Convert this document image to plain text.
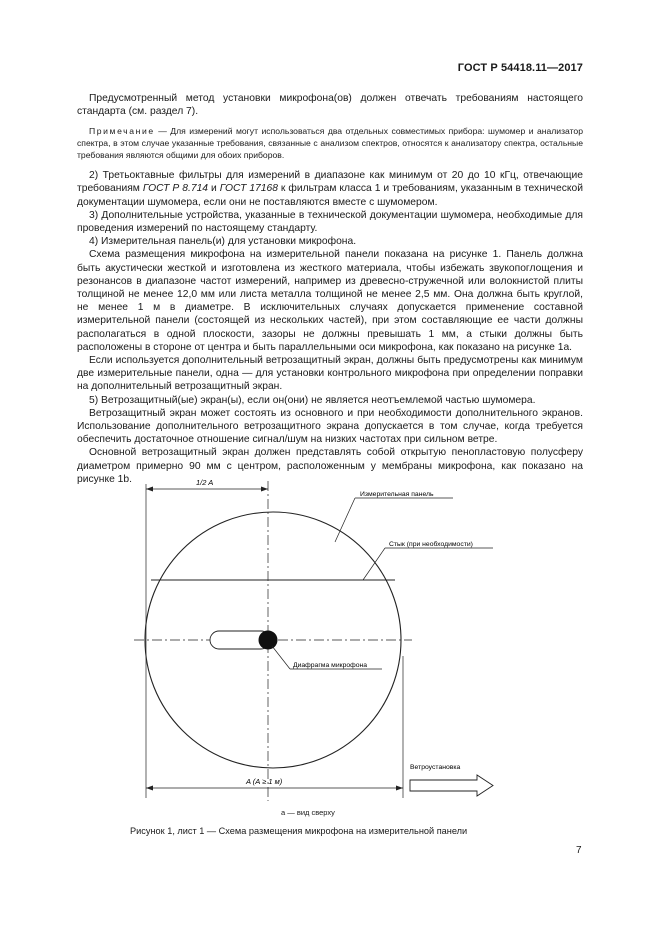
ГОСТ Р 54418.11—2017

Предусмотренный метод установки микрофона(ов) должен отвечать требованиям настоящего стандарта (см. раздел 7).

Примечание — Для измерений могут использоваться два отдельных совместимых прибора: шумомер и анализатор спектра, в этом случае указанные требования, связанные с анализом спектров, относятся к анализатору спектра, остальные требования являются общими для обоих приборов.

2) Третьоктавные фильтры для измерений в диапазоне как минимум от 20 до 10 кГц, отвечающие требованиям ГОСТ Р 8.714 и ГОСТ 17168 к фильтрам класса 1 и требованиям, указанным в технической документации шумомера, если они не поставляются вместе с шумомером.

3) Дополнительные устройства, указанные в технической документации шумомера, необходимые для проведения измерений по настоящему стандарту.

4) Измерительная панель(и) для установки микрофона.

Схема размещения микрофона на измерительной панели показана на рисунке 1. Панель должна быть акустически жесткой и изготовлена из жесткого материала, чтобы избежать звукопоглощения и резонансов в диапазоне частот измерений, например из древесно-стружечной или волокнистой плиты толщиной не менее 12,0 мм или листа металла толщиной не менее 2,5 мм. Она должна быть круглой, не менее 1 м в диаметре. В исключительных случаях допускается применение составной измерительной панели (состоящей из нескольких частей), при этом составляющие ее части должны располагаться в одной плоскости, зазоры не должны превышать 1 мм, а стыки должны быть расположены в стороне от центра и быть параллельными оси микрофона, как показано на рисунке 1а.

Если используется дополнительный ветрозащитный экран, должны быть предусмотрены как минимум две измерительные панели, одна — для установки контрольного микрофона при определении поправки на дополнительный ветрозащитный экран.

5) Ветрозащитный(ые) экран(ы), если он(они) не является неотъемлемой частью шумомера.

Ветрозащитный экран может состоять из основного и при необходимости дополнительного экранов. Использование дополнительного ветрозащитного экрана допускается в том случае, когда требуется обеспечить достаточное отношение сигнал/шум на низких частотах при сильном ветре.

Основной ветрозащитный экран должен представлять собой открытую пенопластовую полусферу диаметром примерно 90 мм с центром, расположенным у мембраны микрофона, как показано на рисунке 1b.	1/2 A
Измерительная панель
Стык (при необходимости)
Диафрагма микрофона
A (A ≥ 1 м)
Ветроустановка
а — вид сверху
Рисунок 1, лист 1 — Схема размещения микрофона на измерительной панели
7
